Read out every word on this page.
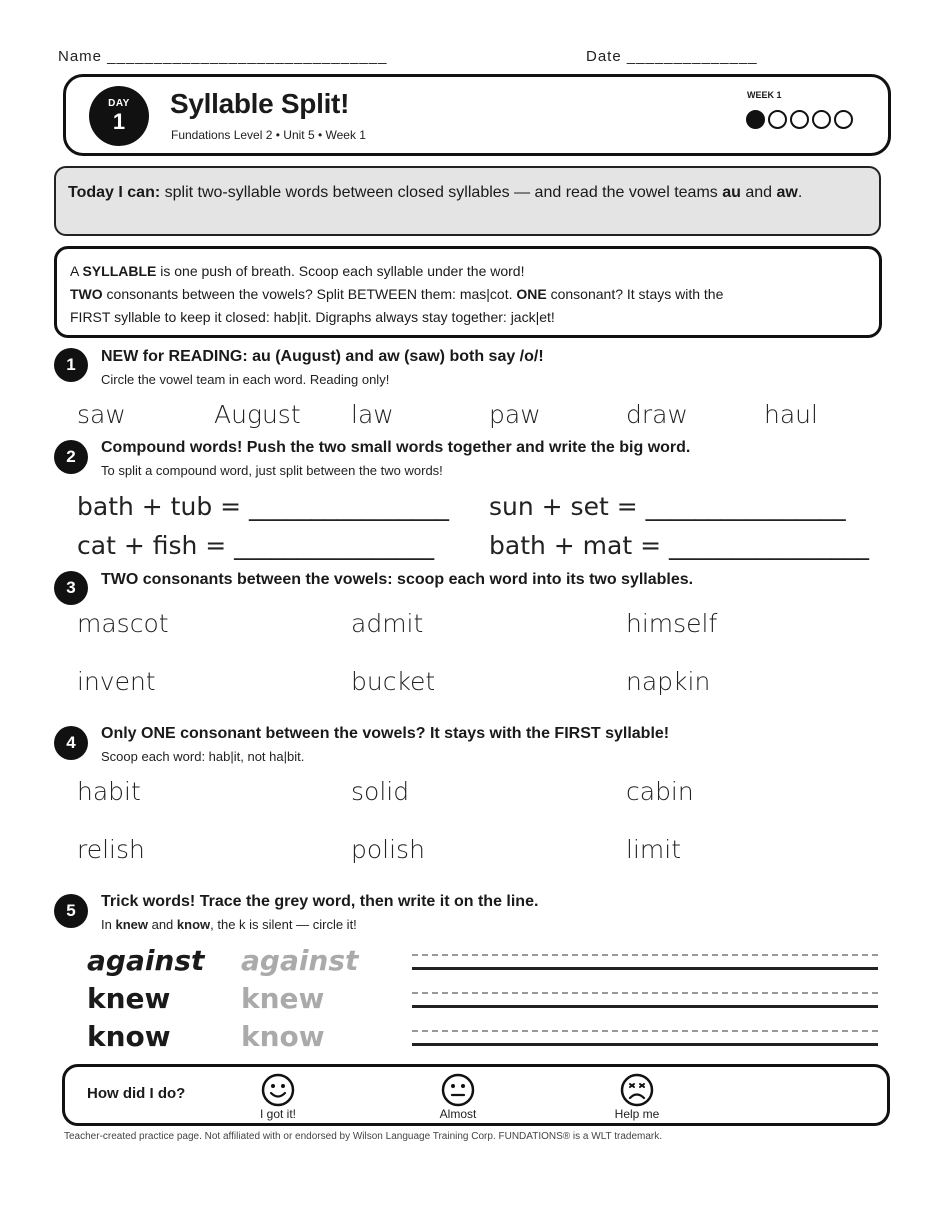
Name ______________________________	Date ______________
DAY
1
Syllable Split!
Fundations Level 2 • Unit 5 • Week 1
WEEK 1
Today I can: split two-syllable words between closed syllables — and read the vowel teams au and aw.
A SYLLABLE is one push of breath. Scoop each syllable under the word!
TWO consonants between the vowels? Split BETWEEN them: mas|cot. ONE consonant? It stays with the
FIRST syllable to keep it closed: hab|it. Digraphs always stay together: jack|et!
1	NEW for READING: au (August) and aw (saw) both say /o/!
Circle the vowel team in each word. Reading only!
saw	August law	paw	draw	haul
2	Compound words! Push the two small words together and write the big word.
To split a compound word, just split between the two words!
bath + tub = ________________ sun + set = ________________
cat + fish = ________________ bath + mat = ________________
3	TWO consonants between the vowels: scoop each word into its two syllables.
mascot	admit	himself
invent	bucket	napkin
4	Only ONE consonant between the vowels? It stays with the FIRST syllable!
Scoop each word: hab|it, not ha|bit.
habit	solid	cabin
relish	polish	limit
5	Trick words! Trace the grey word, then write it on the line.
In knew and know, the k is silent — circle it!
against against
knew	knew
know	know
How did I do?
I got it!	Almost	Help me
Teacher-created practice page. Not affiliated with or endorsed by Wilson Language Training Corp. FUNDATIONS® is a WLT trademark.
